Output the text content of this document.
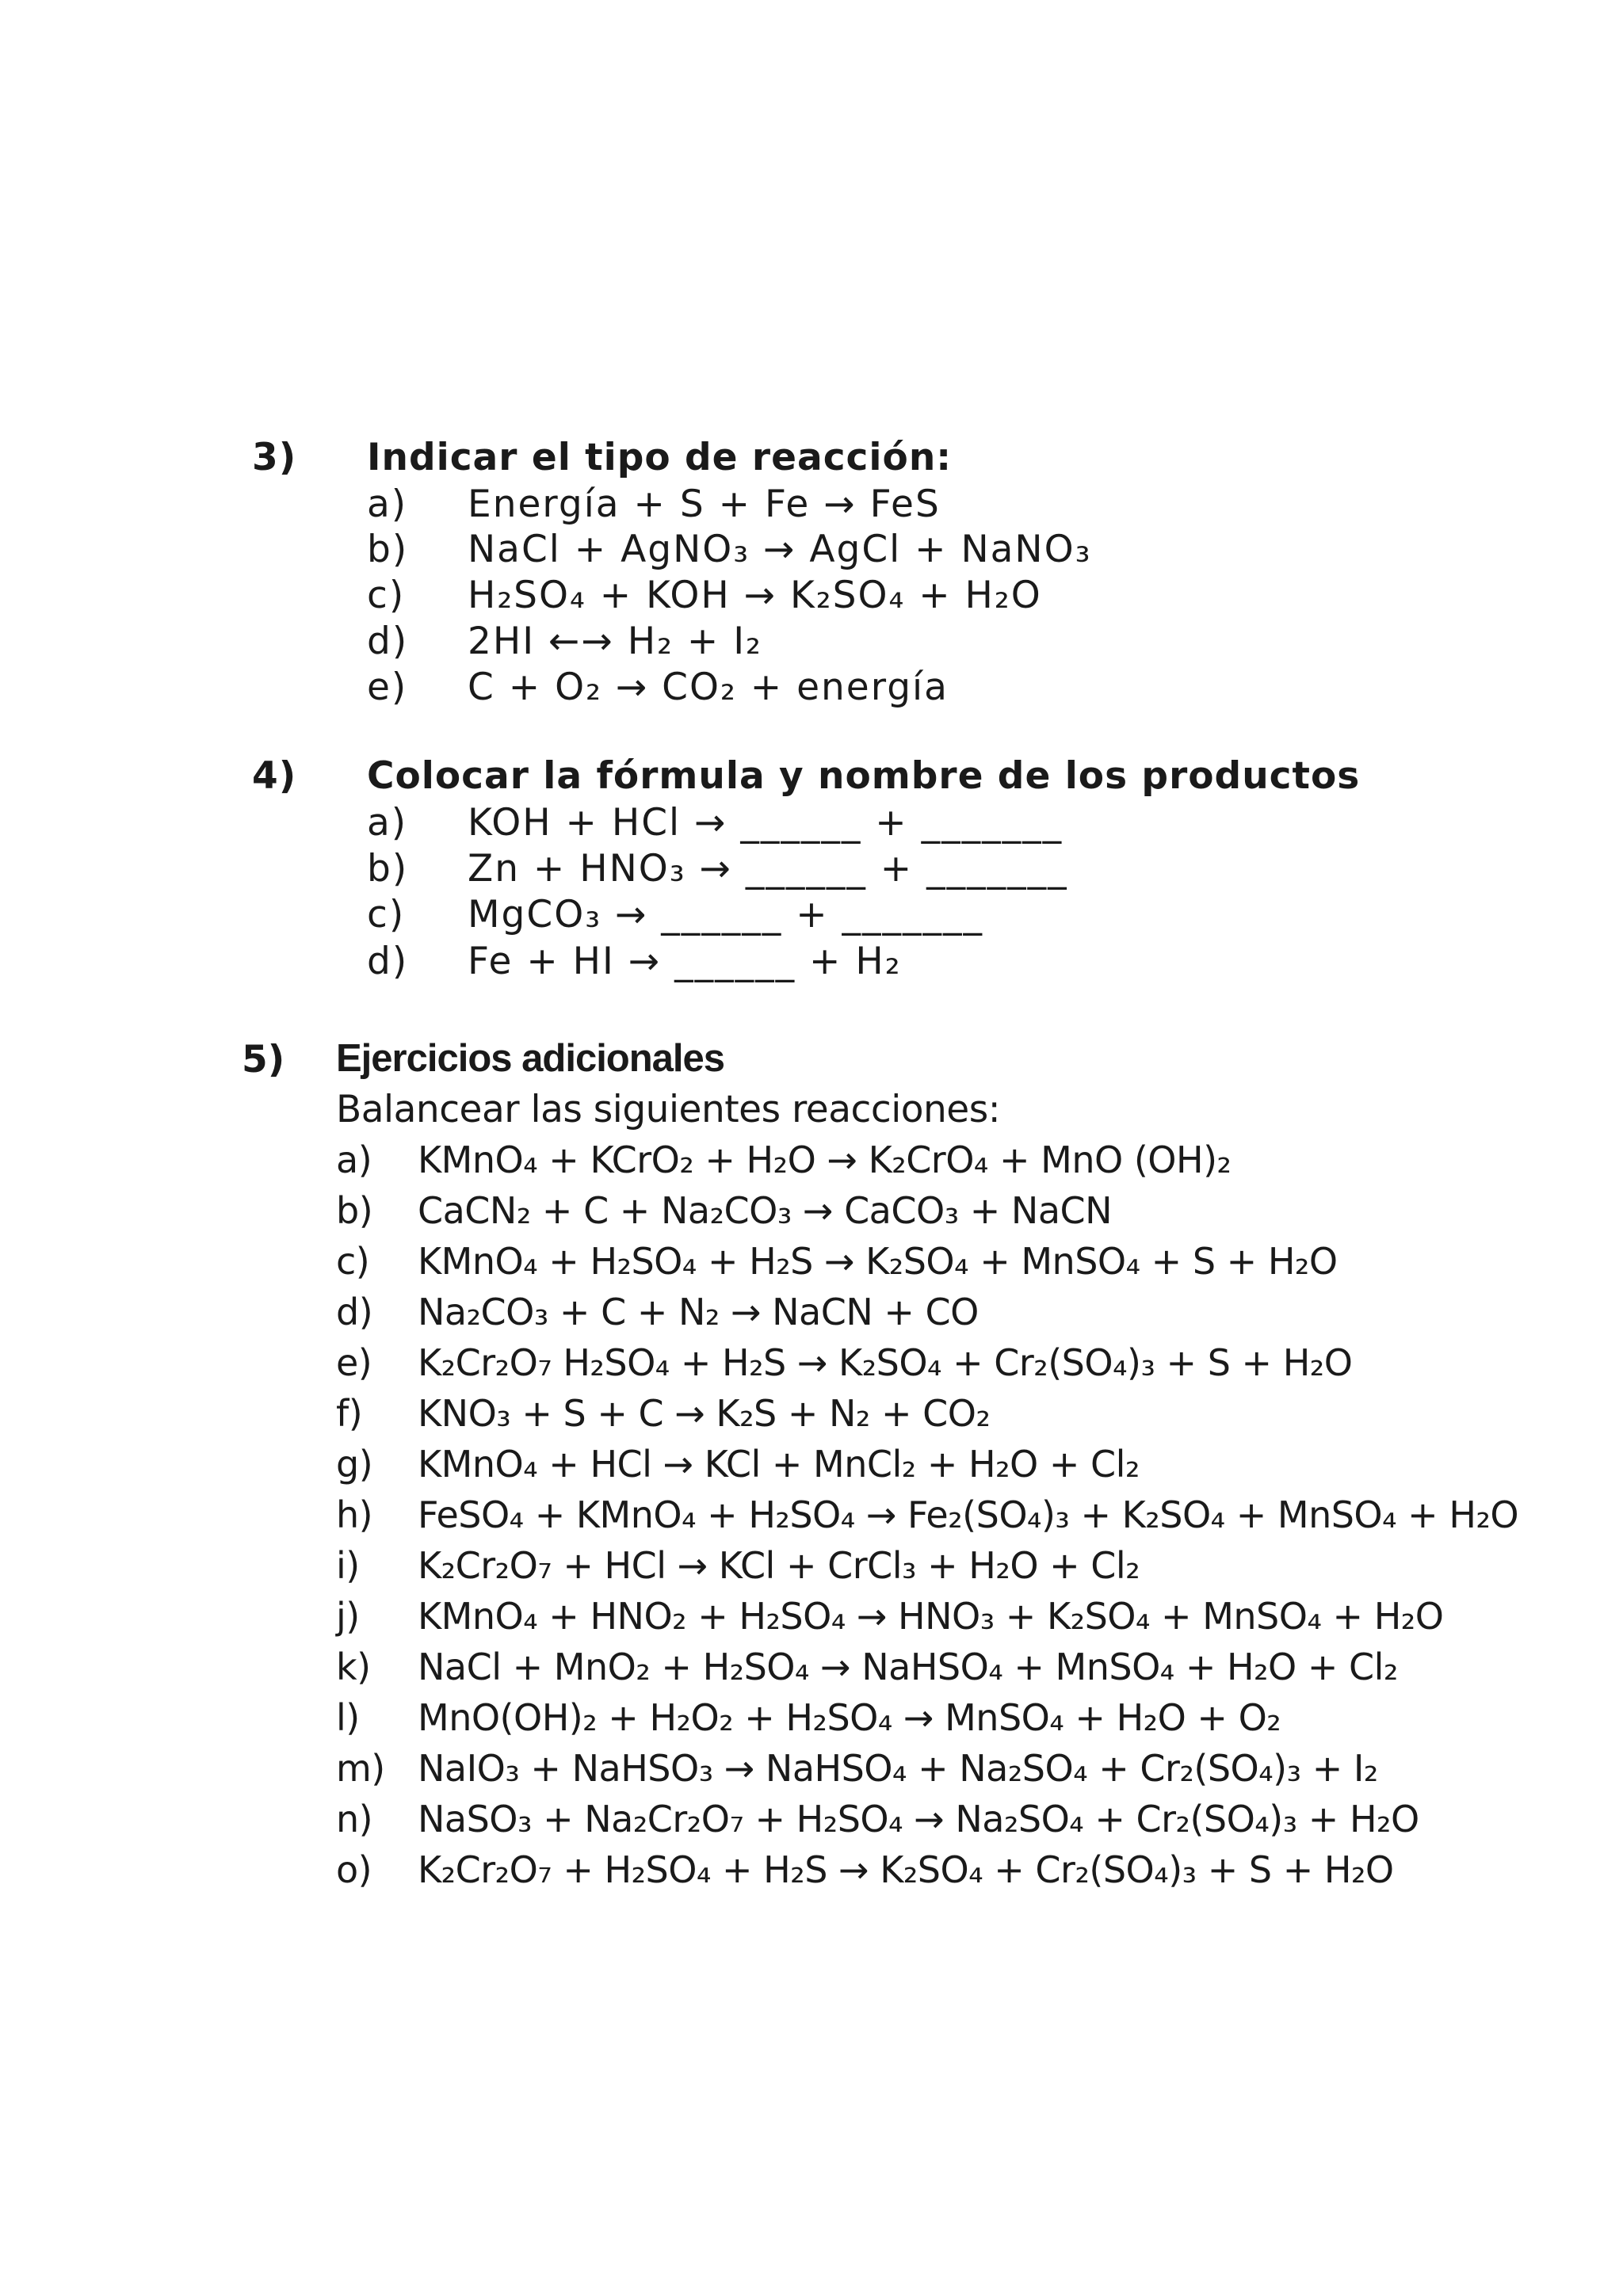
3) Indicar el tipo de reacción:
a) Energía + S + Fe → FeS
b) NaCl + AgNO₃ → AgCl + NaNO₃
c) H₂SO₄ + KOH → K₂SO₄ + H₂O
d) 2HI ←→ H₂ + I₂
e) C + O₂ → CO₂ + energía
4) Colocar la fórmula y nombre de los productos
a) KOH + HCl → ______ + _______
b) Zn + HNO₃ → ______ + _______
c) MgCO₃ → ______ + _______
d) Fe + HI → ______ + H₂
5) Ejercicios adicionales
Balancear las siguientes reacciones:
a) KMnO₄ + KCrO₂ + H₂O → K₂CrO₄ + MnO (OH)₂
b) CaCN₂ + C + Na₂CO₃ → CaCO₃ + NaCN
c) KMnO₄ + H₂SO₄ + H₂S → K₂SO₄ + MnSO₄ + S + H₂O
d) Na₂CO₃ + C + N₂ → NaCN + CO
e) K₂Cr₂O₇ H₂SO₄ + H₂S → K₂SO₄ + Cr₂(SO₄)₃ + S + H₂O
f) KNO₃ + S + C → K₂S + N₂ + CO₂
g) KMnO₄ + HCl → KCl + MnCl₂ + H₂O + Cl₂
h) FeSO₄ + KMnO₄ + H₂SO₄ → Fe₂(SO₄)₃ + K₂SO₄ + MnSO₄ + H₂O
i) K₂Cr₂O₇ + HCl → KCl + CrCl₃ + H₂O + Cl₂
j) KMnO₄ + HNO₂ + H₂SO₄ → HNO₃ + K₂SO₄ + MnSO₄ + H₂O
k) NaCl + MnO₂ + H₂SO₄ → NaHSO₄ + MnSO₄ + H₂O + Cl₂
l) MnO(OH)₂ + H₂O₂ + H₂SO₄ → MnSO₄ + H₂O + O₂
m) NaIO₃ + NaHSO₃ → NaHSO₄ + Na₂SO₄ + Cr₂(SO₄)₃ + I₂
n) NaSO₃ + Na₂Cr₂O₇ + H₂SO₄ → Na₂SO₄ + Cr₂(SO₄)₃ + H₂O
o) K₂Cr₂O₇ + H₂SO₄ + H₂S → K₂SO₄ + Cr₂(SO₄)₃ + S + H₂O
